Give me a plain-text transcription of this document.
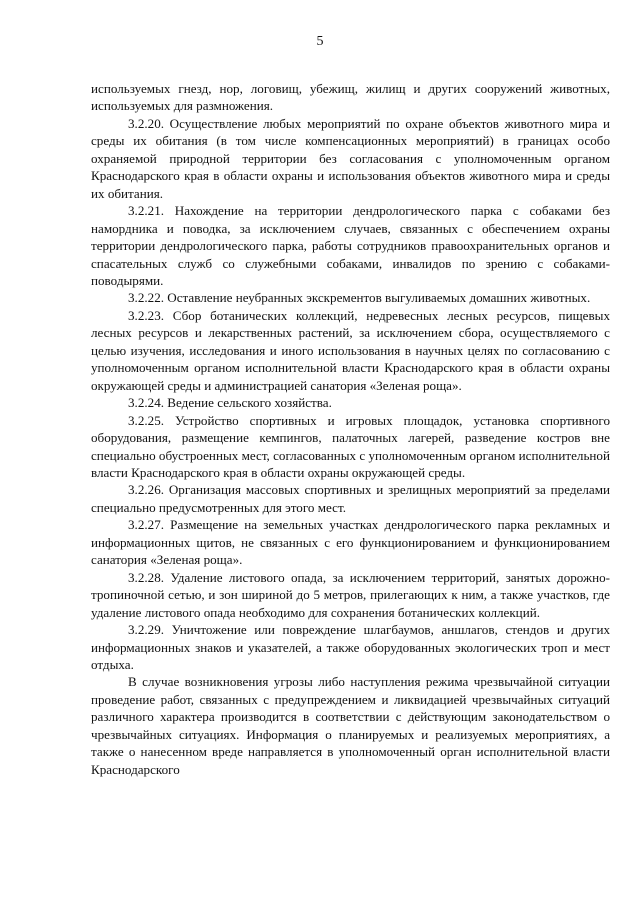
5

используемых гнезд, нор, логовищ, убежищ, жилищ и других сооружений животных, используемых для размножения.

3.2.20. Осуществление любых мероприятий по охране объектов животного мира и среды их обитания (в том числе компенсационных мероприятий) в границах особо охраняемой природной территории без согласования с уполномоченным органом Краснодарского края в области охраны и использования объектов животного мира и среды их обитания.

3.2.21. Нахождение на территории дендрологического парка с собаками без намордника и поводка, за исключением случаев, связанных с обеспечением охраны территории дендрологического парка, работы сотрудников правоохранительных органов и спасательных служб со служебными собаками, инвалидов по зрению с собаками-поводырями.

3.2.22. Оставление неубранных экскрементов выгуливаемых домашних животных.

3.2.23. Сбор ботанических коллекций, недревесных лесных ресурсов, пищевых лесных ресурсов и лекарственных растений, за исключением сбора, осуществляемого с целью изучения, исследования и иного использования в научных целях по согласованию с уполномоченным органом исполнительной власти Краснодарского края в области охраны окружающей среды и администрацией санатория «Зеленая роща».

3.2.24. Ведение сельского хозяйства.

3.2.25. Устройство спортивных и игровых площадок, установка спортивного оборудования, размещение кемпингов, палаточных лагерей, разведение костров вне специально обустроенных мест, согласованных с уполномоченным органом исполнительной власти Краснодарского края в области охраны окружающей среды.

3.2.26. Организация массовых спортивных и зрелищных мероприятий за пределами специально предусмотренных для этого мест.

3.2.27. Размещение на земельных участках дендрологического парка рекламных и информационных щитов, не связанных с его функционированием и функционированием санатория «Зеленая роща».

3.2.28. Удаление листового опада, за исключением территорий, занятых дорожно-тропиночной сетью, и зон шириной до 5 метров, прилегающих к ним, а также участков, где удаление листового опада необходимо для сохранения ботанических коллекций.

3.2.29. Уничтожение или повреждение шлагбаумов, аншлагов, стендов и других информационных знаков и указателей, а также оборудованных экологических троп и мест отдыха.

В случае возникновения угрозы либо наступления режима чрезвычайной ситуации проведение работ, связанных с предупреждением и ликвидацией чрезвычайных ситуаций различного характера производится в соответствии с действующим законодательством о чрезвычайных ситуациях. Информация о планируемых и реализуемых мероприятиях, а также о нанесенном вреде направляется в уполномоченный орган исполнительной власти Краснодарского
